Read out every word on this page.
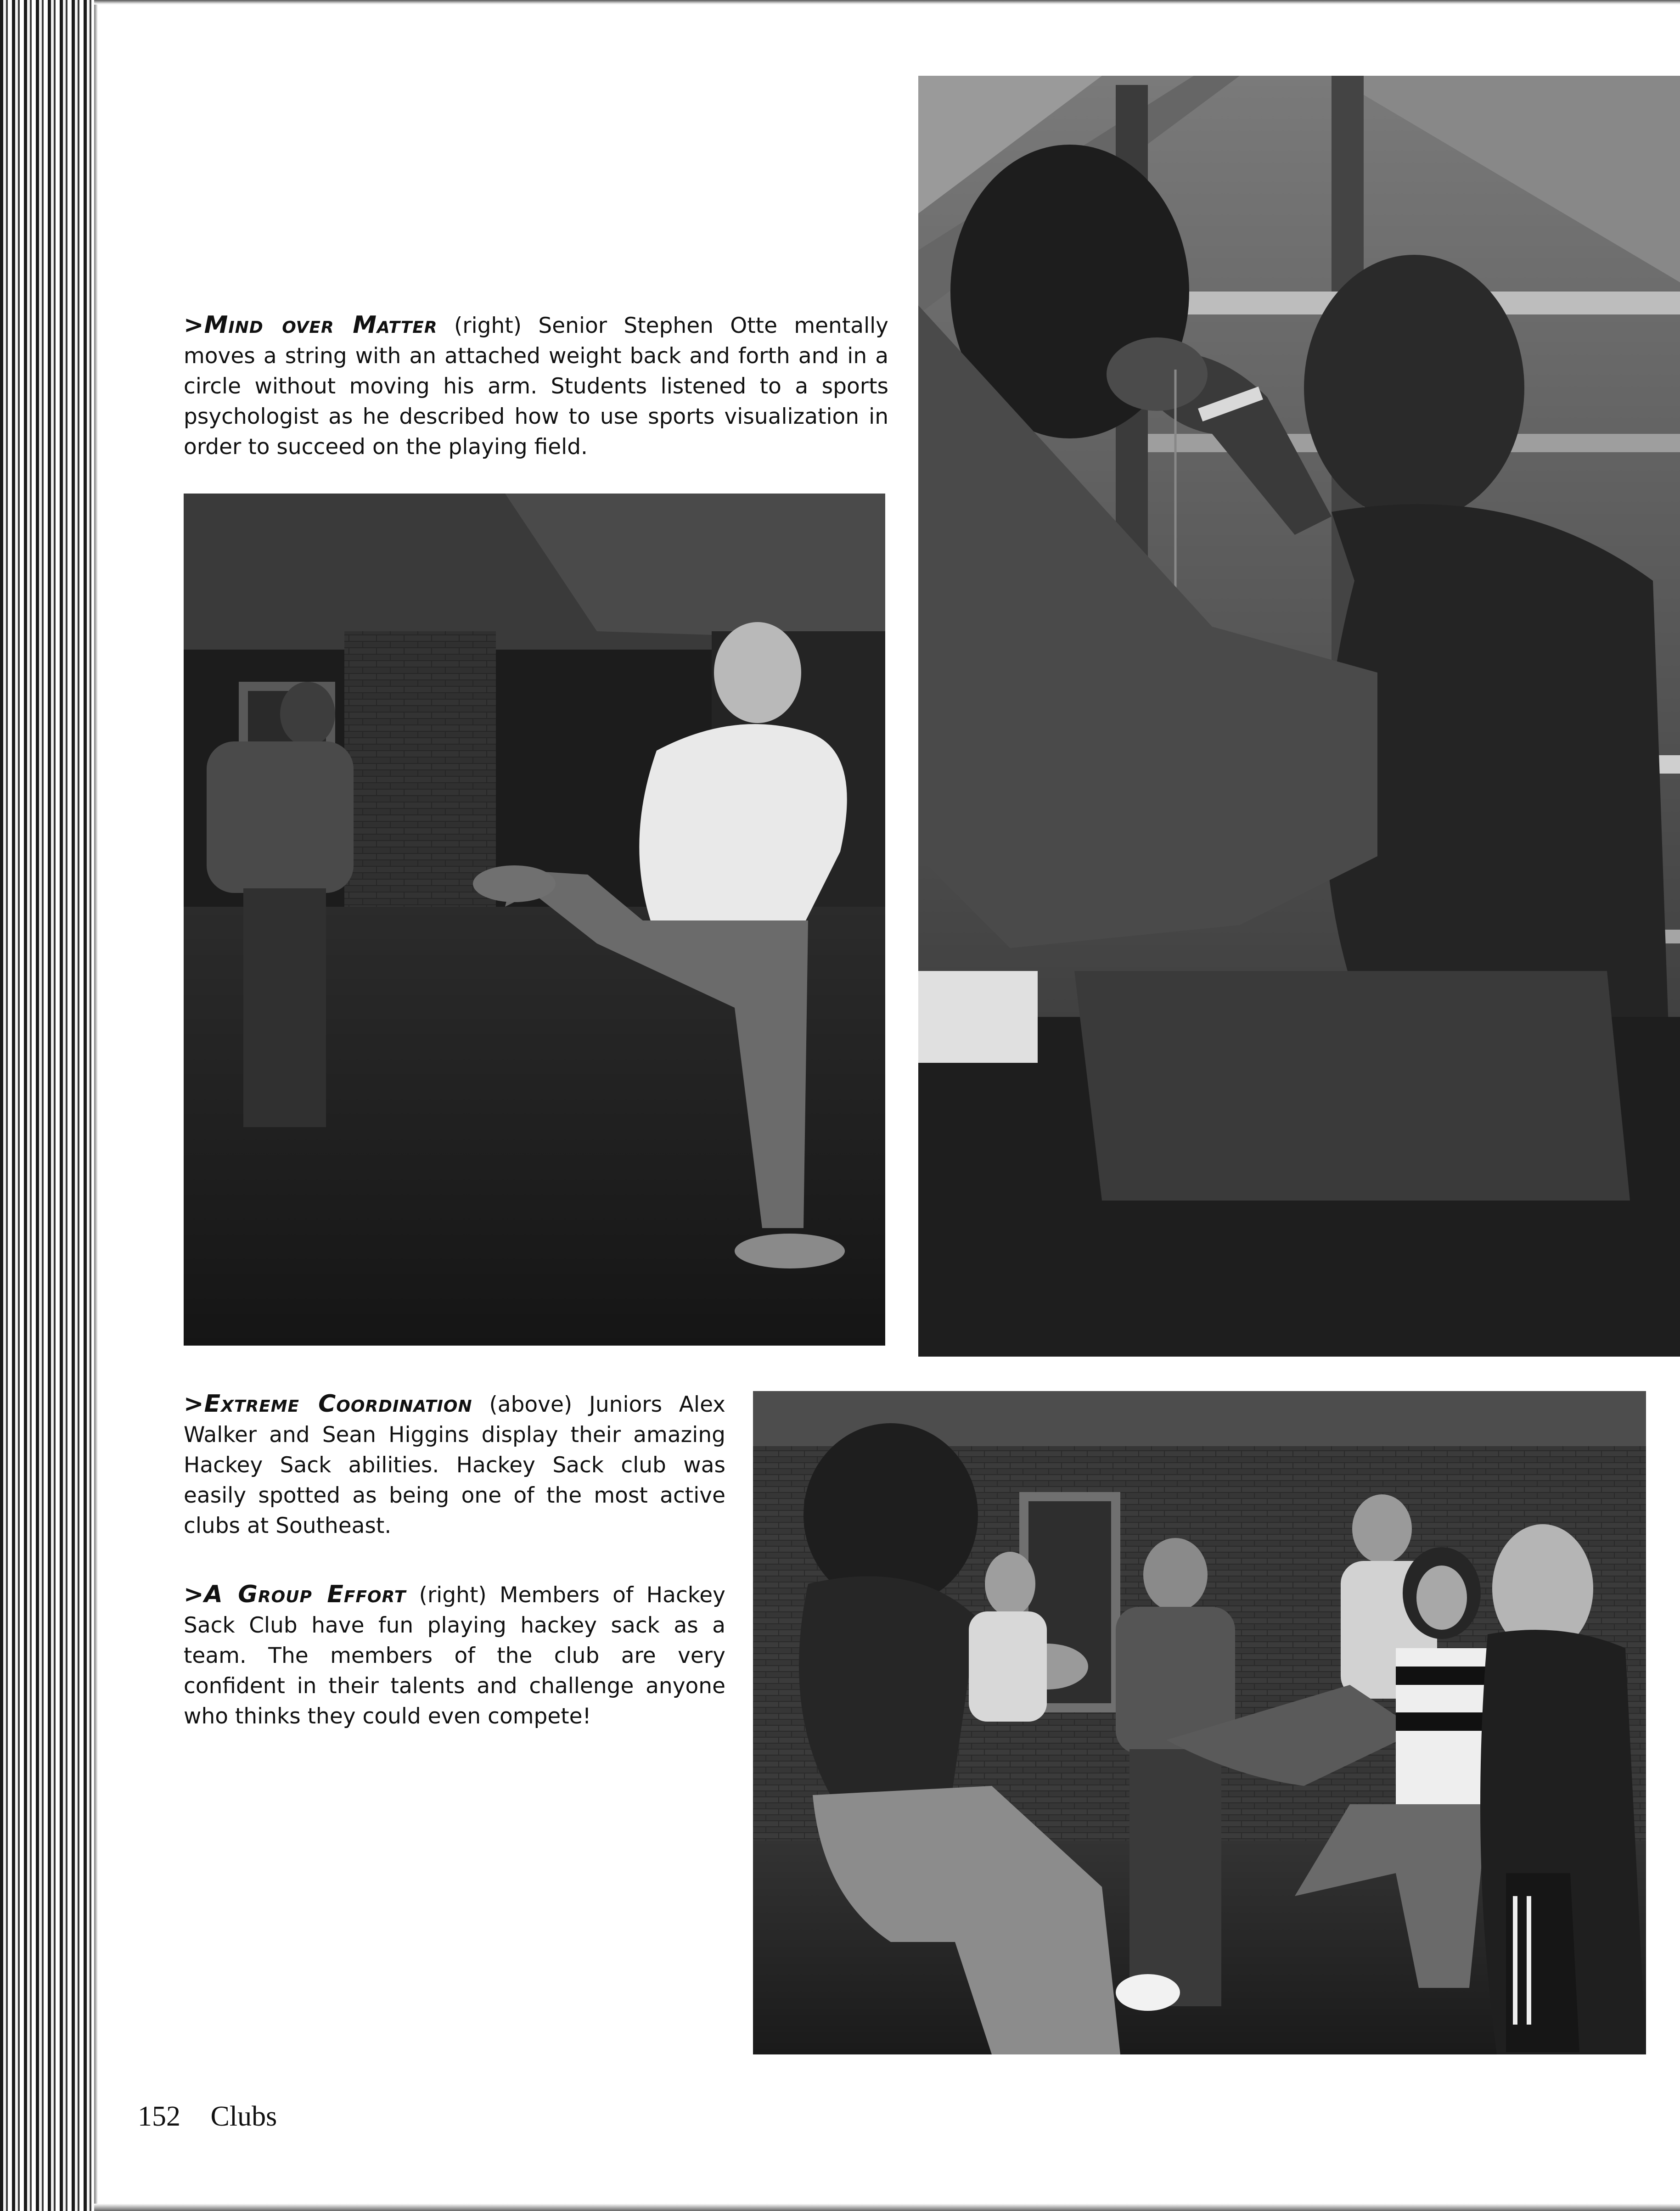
>Mind over Matter (right) Senior Stephen Otte mentally moves a string with an attached weight back and forth and in a circle without moving his arm. Students listened to a sports psychologist as he described how to use sports visualization in order to succeed on the playing field.

>Extreme Coordination (above) Juniors Alex Walker and Sean Higgins display their amazing Hackey Sack abilities. Hackey Sack club was easily spotted as being one of the most active clubs at Southeast.

>A Group Effort (right) Members of Hackey Sack Club have fun playing hackey sack as a team. The members of the club are very confident in their talents and challenge anyone who thinks they could even compete!

152 Clubs
